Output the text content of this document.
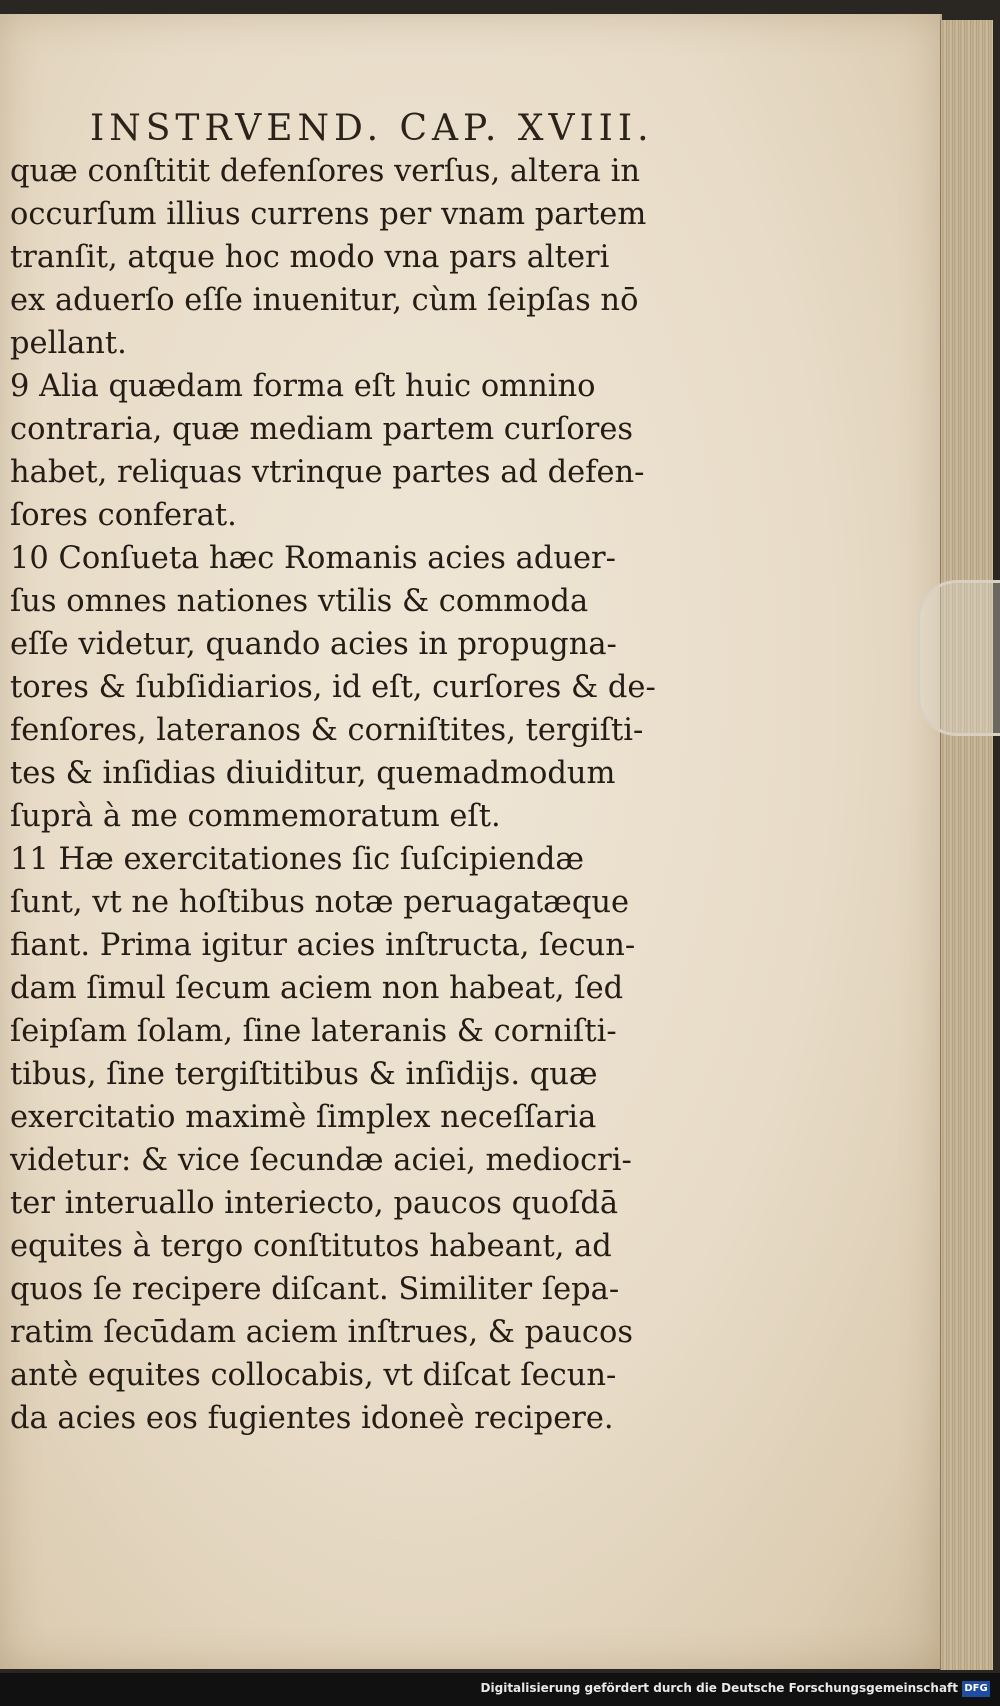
INSTRVEND. CAP. XVIII.
quæ conſtitit defenſores verſus, altera in
occurſum illius currens per vnam partem
tranſit, atque hoc modo vna pars alteri
ex aduerſo eſſe inuenitur, cùm ſeipſas nō
pellant.
9 Alia quædam forma eſt huic omnino
contraria, quæ mediam partem curſores
habet, reliquas vtrinque partes ad defen-
ſores conferat.
10 Conſueta hæc Romanis acies aduer-
ſus omnes nationes vtilis & commoda
eſſe videtur, quando acies in propugna-
tores & ſubſidiarios, id eſt, curſores & de-
fenſores, lateranos & corniſtites, tergiſti-
tes & inſidias diuiditur, quemadmodum
ſuprà à me commemoratum eſt.
11 Hæ exercitationes ſic ſuſcipiendæ
ſunt, vt ne hoſtibus notæ peruagatæque
fiant. Prima igitur acies inſtructa, ſecun-
dam ſimul ſecum aciem non habeat, ſed
ſeipſam ſolam, ſine lateranis & corniſti-
tibus, ſine tergiſtitibus & inſidijs. quæ
exercitatio maximè ſimplex neceſſaria
videtur: & vice ſecundæ aciei, mediocri-
ter interuallo interiecto, paucos quoſdā
equites à tergo conſtitutos habeant, ad
quos ſe recipere diſcant. Similiter ſepa-
ratim ſecūdam aciem inſtrues, & paucos
antè equites collocabis, vt diſcat ſecun-
da acies eos fugientes idoneè recipere.
Digitalisierung gefördert durch die Deutsche Forschungsgemeinschaft DFG
